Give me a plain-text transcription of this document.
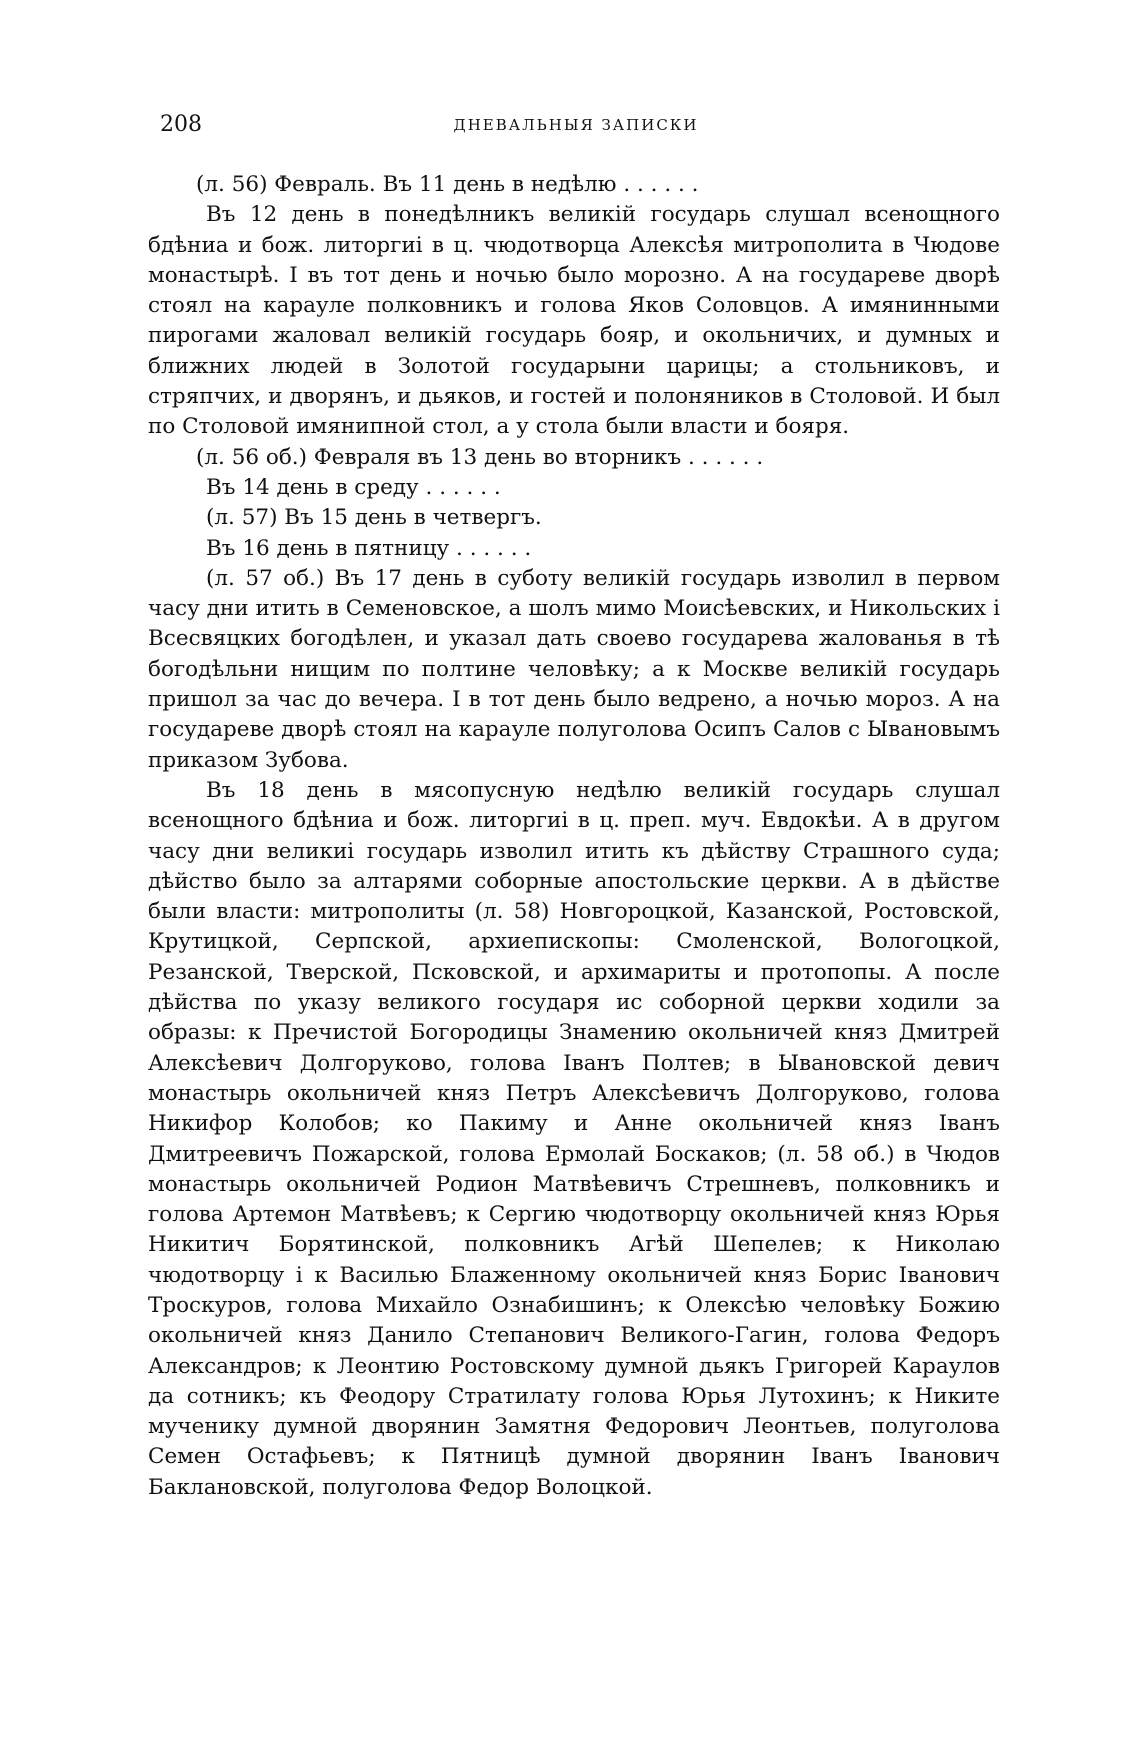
208	ДНЕВАЛЬНЫЯ ЗАПИСКИ

(л. 56) Февраль. Въ 11 день в недѣлю . . . . . .

Въ 12 день в понедѣлникъ великій государь слушал всенощного бдѣниа и бож. литоргиі в ц. чюдотворца Алексѣя митрополита в Чюдове монастырѣ. І въ тот день и ночью было морозно. А на государеве дворѣ стоял на карауле полковникъ и голова Яков Соловцов. А имянинными пирогами жаловал великій государь бояр, и окольничих, и думных и ближних людей в Золотой государыни царицы; а стольниковъ, и стряпчих, и дворянъ, и дьяков, и гостей и полоняников в Столовой. И был по Столовой имянипной стол, а у стола были власти и бояря.

(л. 56 об.) Февраля въ 13 день во вторникъ . . . . . .

Въ 14 день в среду . . . . . .

(л. 57) Въ 15 день в четвергъ.

Въ 16 день в пятницу . . . . . .

(л. 57 об.) Въ 17 день в суботу великій государь изволил в первом часу дни итить в Семеновское, а шолъ мимо Моисѣевских, и Никольских і Всесвяцких богодѣлен, и указал дать своево государева жалованья в тѣ богодѣльни нищим по полтине человѣку; а к Москве великій государь пришол за час до вечера. І в тот день было ведрено, а ночью мороз. А на государеве дворѣ стоял на карауле полуголова Осипъ Салов с Ывановымъ приказом Зубова.

Въ 18 день в мясопусную недѣлю великій государь слушал всенощного бдѣниа и бож. литоргиі в ц. преп. муч. Евдокѣи. А в другом часу дни великиі государь изволил итить къ дѣйству Страшного суда; дѣйство было за алтарями соборные апостольские церкви. А в дѣйстве были власти: митрополиты (л. 58) Новгороцкой, Казанской, Ростовской, Крутицкой, Серпской, архиепископы: Смоленской, Вологоцкой, Резанской, Тверской, Псковской, и архимариты и протопопы. А после дѣйства по указу великого государя ис соборной церкви ходили за образы: к Пречистой Богородицы Знамению окольничей княз Дмитрей Алексѣевич Долгоруково, голова Іванъ Полтев; в Ывановской девич монастырь окольничей княз Петръ Алексѣевичъ Долгоруково, голова Никифор Колобов; ко Пакиму и Анне окольничей княз Іванъ Дмитреевичъ Пожарской, голова Ермолай Боскаков; (л. 58 об.) в Чюдов монастырь окольничей Родион Матвѣевичъ Стрешневъ, полковникъ и голова Артемон Матвѣевъ; к Сергию чюдотворцу окольничей княз Юрья Никитич Борятинской, полковникъ Агѣй Шепелев; к Николаю чюдотворцу і к Василью Блаженному окольничей княз Борис Іванович Троскуров, голова Михайло Ознабишинъ; к Олексѣю человѣку Божию окольничей княз Данило Степанович Великого-Гагин, голова Федоръ Александров; к Леонтию Ростовскому думной дьякъ Григорей Караулов да сотникъ; къ Феодору Стратилату голова Юрья Лутохинъ; к Никите мученику думной дворянин Замятня Федорович Леонтьев, полуголова Семен Остафьевъ; к Пятницѣ думной дворянин Іванъ Іванович Баклановской, полуголова Федор Волоцкой.
